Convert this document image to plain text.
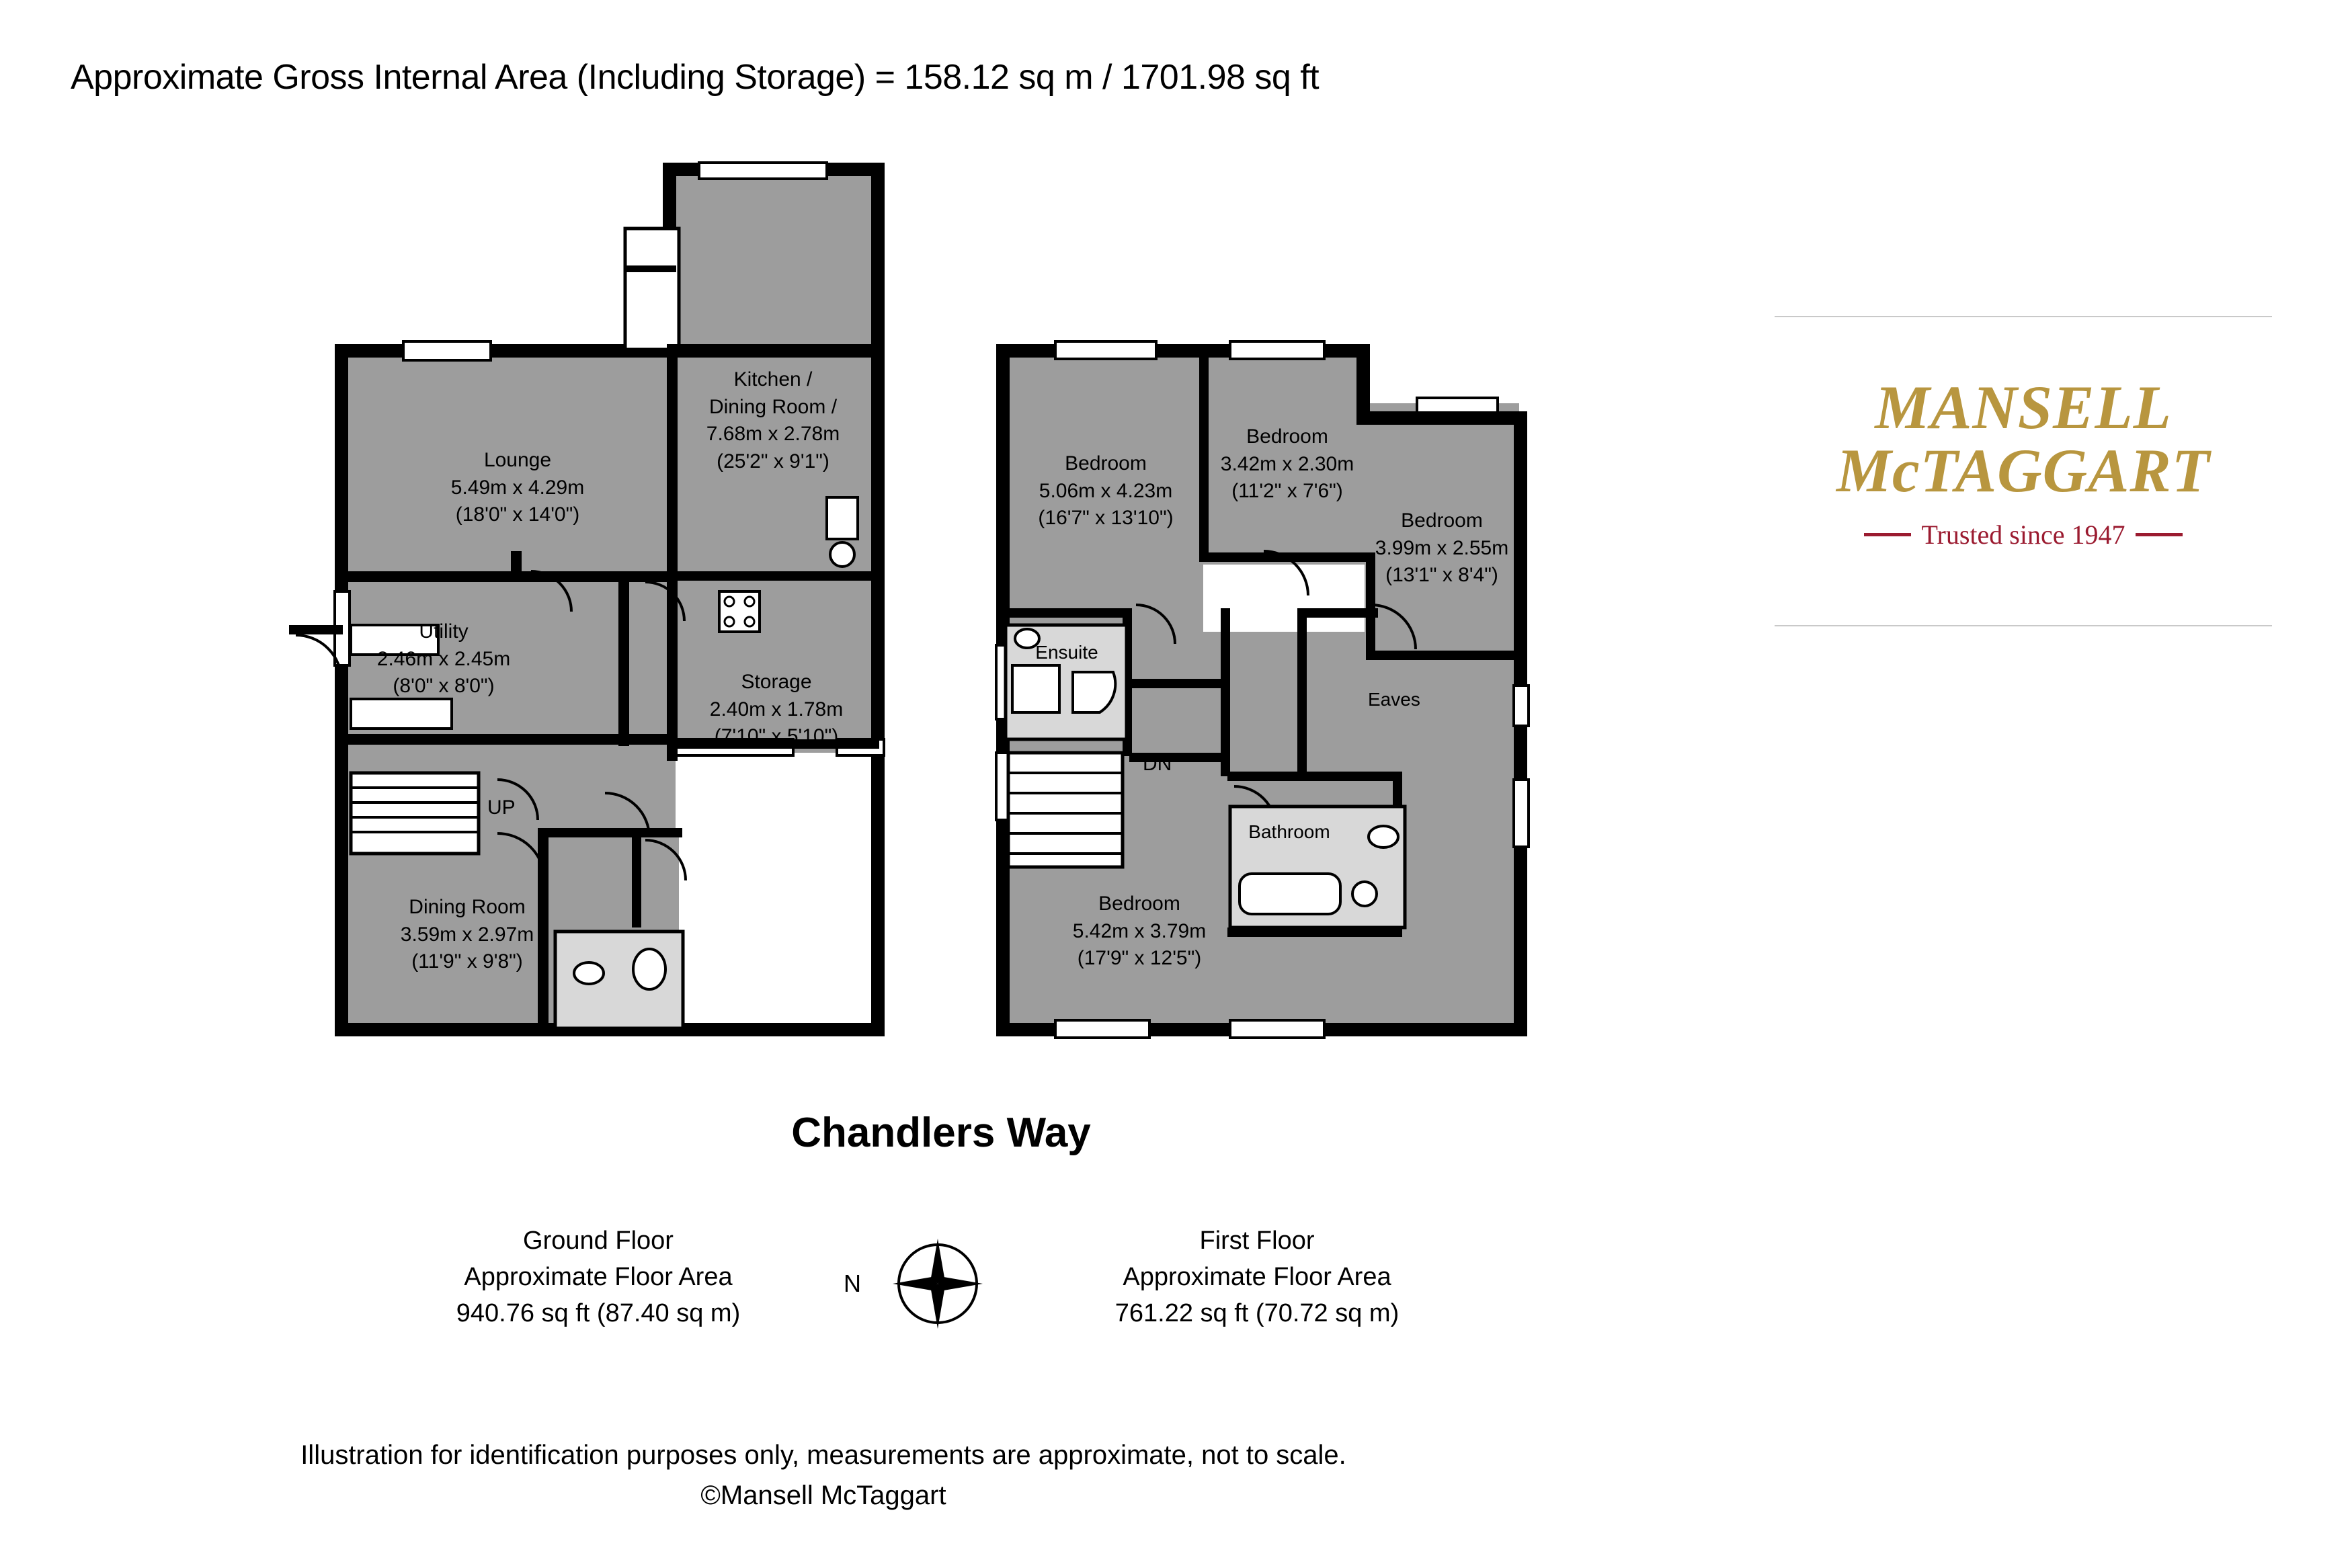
Approximate Gross Internal Area (Including Storage) = 158.12 sq m / 1701.98 sq ft
MANSELL
McTAGGART
Trusted since 1947
Lounge
5.49m x 4.29m
(18'0" x 14'0")
Kitchen /
Dining Room /
7.68m x 2.78m
(25'2" x 9'1")
Utility
2.46m x 2.45m
(8'0" x 8'0")	Storage
2.40m x 1.78m
(7'10" x 5'10")
Dining Room
3.59m x 2.97m
(11'9" x 9'8")
UP
Bedroom
5.06m x 4.23m
(16'7" x 13'10")
Bedroom
3.42m x 2.30m
(11'2" x 7'6")
Bedroom
3.99m x 2.55m
(13'1" x 8'4")
Bedroom
5.42m x 3.79m
(17'9" x 12'5")
Ensuite
Bathroom
Eaves
DN
Chandlers Way
Ground Floor
Approximate Floor Area
940.76 sq ft (87.40 sq m)
First Floor
Approximate Floor Area
761.22 sq ft (70.72 sq m)
N
Illustration for identification purposes only, measurements are approximate, not to scale.
©Mansell McTaggart
